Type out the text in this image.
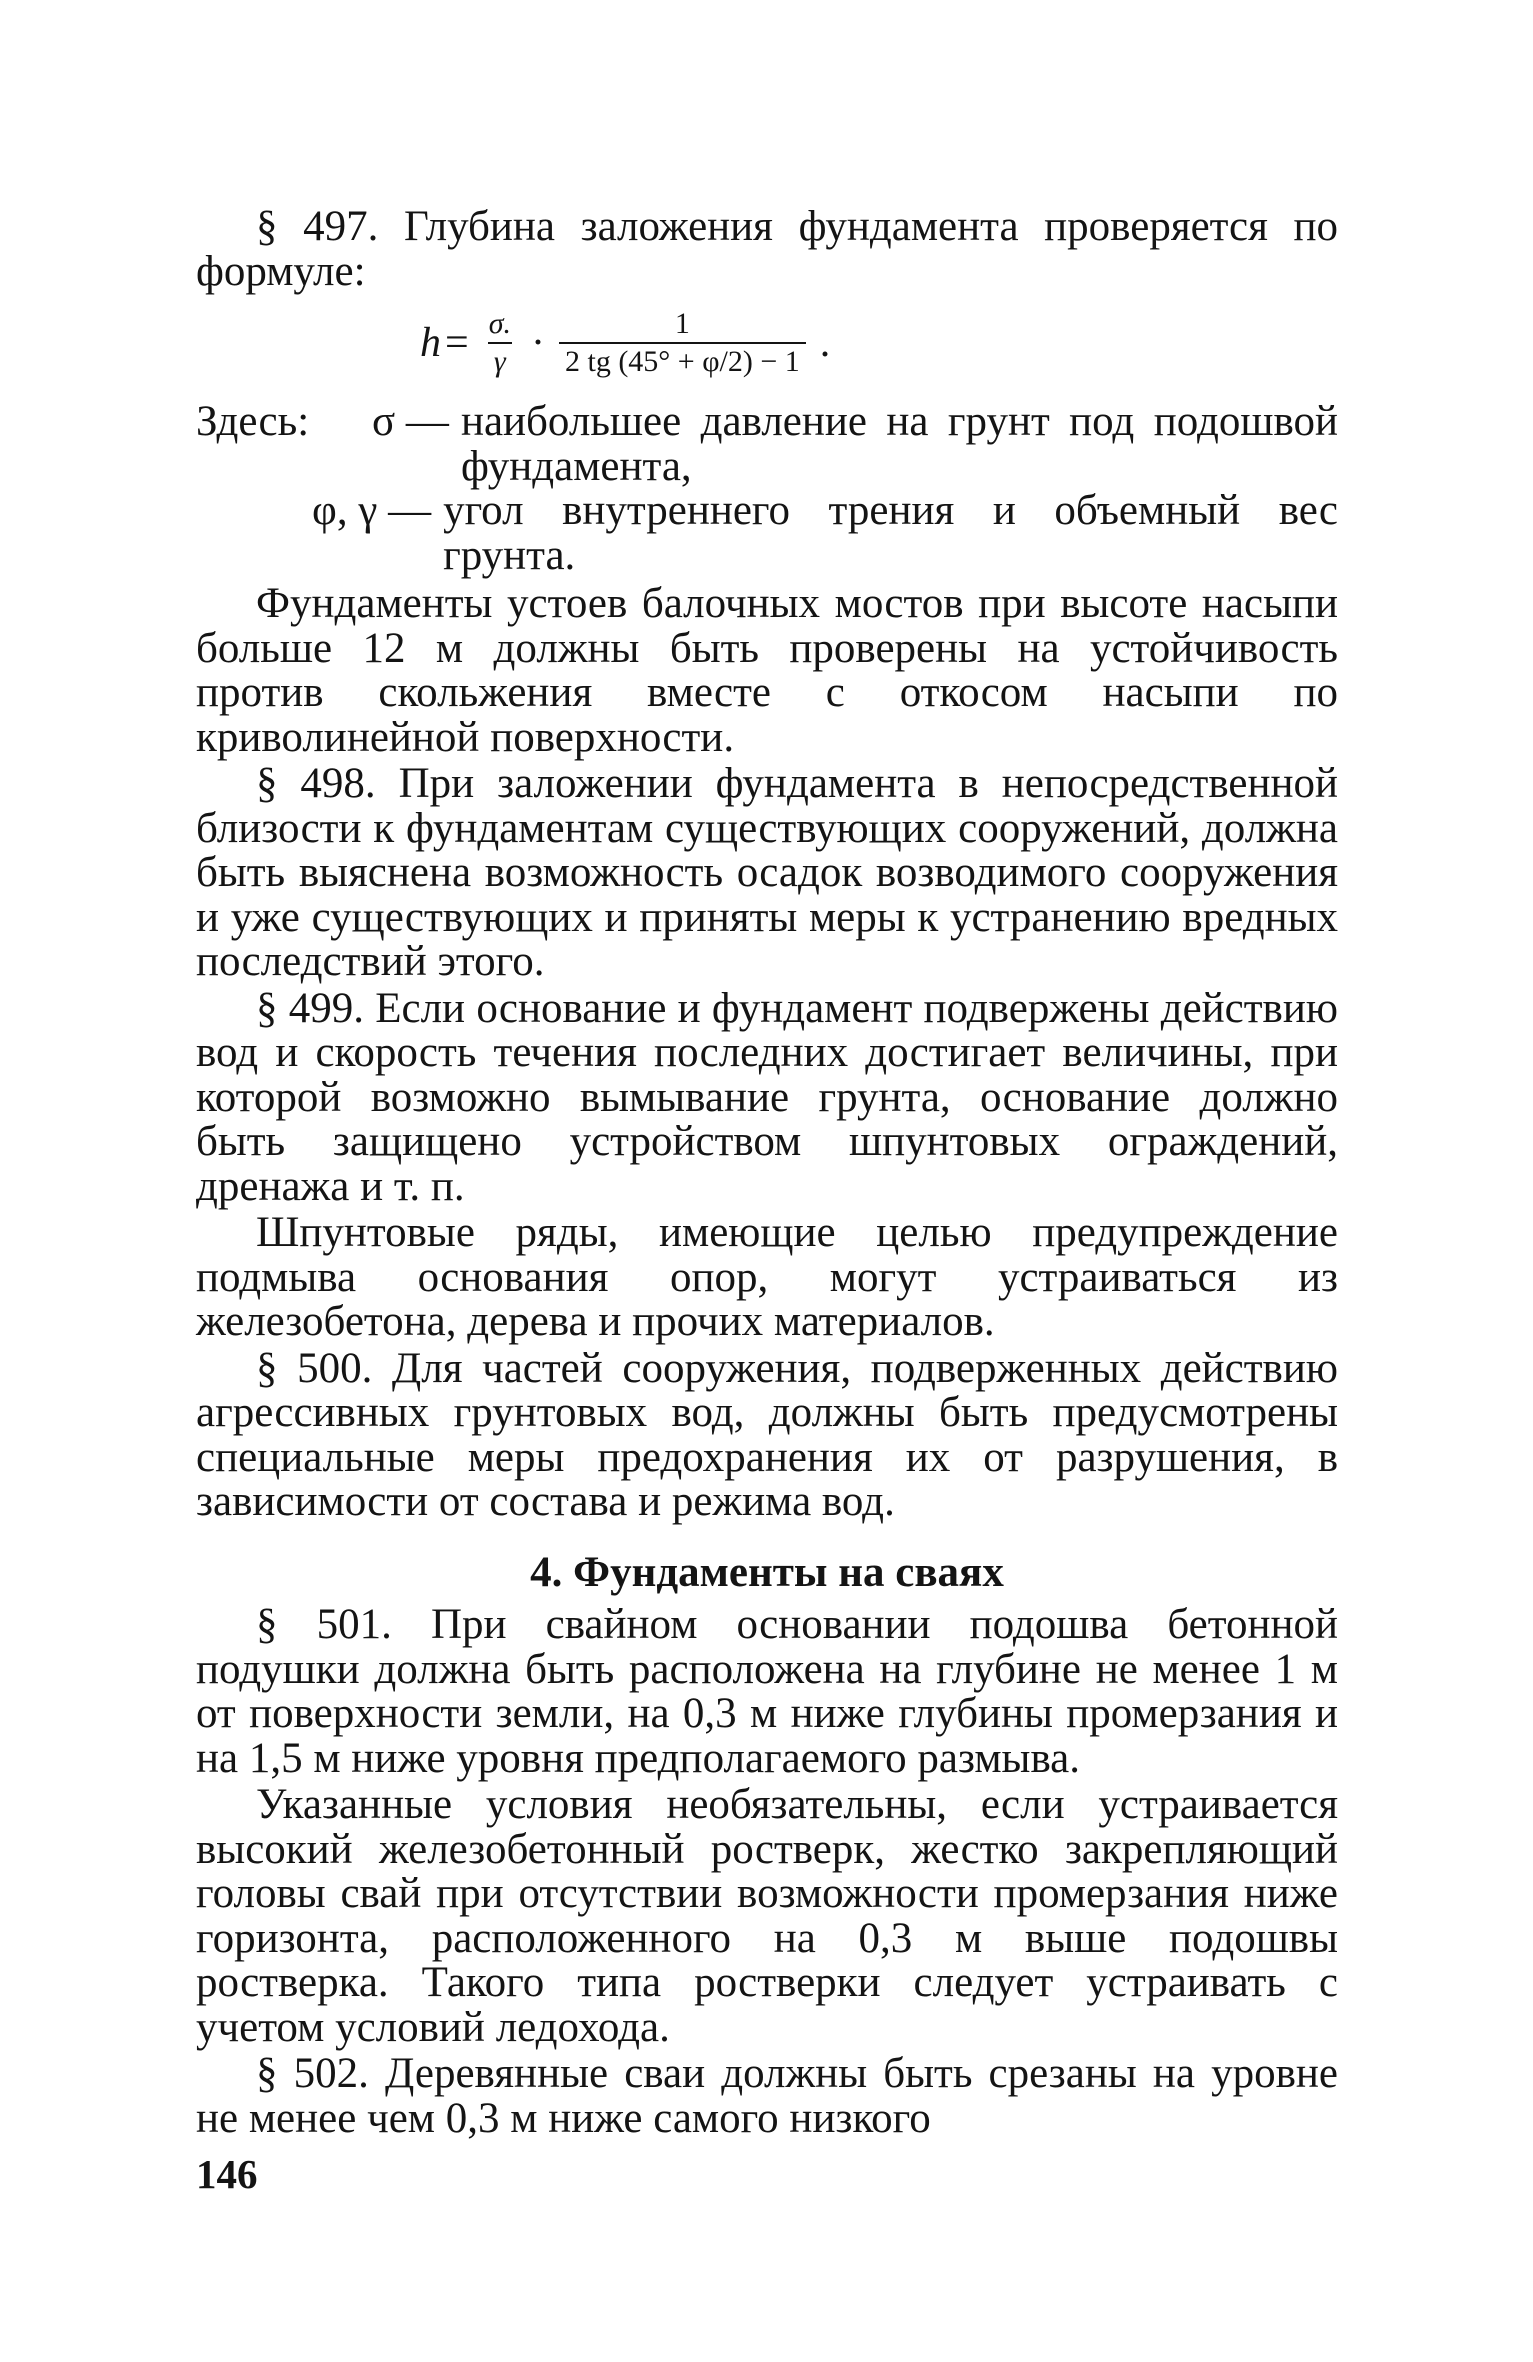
§ 497. Глубина заложения фундамента проверяется по формуле:

$h = \frac{\sigma.}{\gamma} \cdot \frac{1}{2 tg (45^\circ + \varphi/2) - 1}$ .
Здесь:	σ — наибольшее давление на грунт под подошвой фундамента,
φ, γ — угол внутреннего трения и объемный вес грунта.

Фундаменты устоев балочных мостов при высоте насыпи больше 12 м должны быть проверены на устойчивость против скольжения вместе с откосом насыпи по криволинейной поверхности.

§ 498. При заложении фундамента в непосредственной близости к фундаментам существующих сооружений, должна быть выяснена возможность осадок возводимого сооружения и уже существующих и приняты меры к устранению вредных последствий этого.

§ 499. Если основание и фундамент подвержены действию вод и скорость течения последних достигает величины, при которой возможно вымывание грунта, основание должно быть защищено устройством шпунтовых ограждений, дренажа и т. п.

Шпунтовые ряды, имеющие целью предупреждение подмыва основания опор, могут устраиваться из железобетона, дерева и прочих материалов.

§ 500. Для частей сооружения, подверженных действию агрессивных грунтовых вод, должны быть предусмотрены специальные меры предохранения их от разрушения, в зависимости от состава и режима вод.

4. Фундаменты на сваях

§ 501. При свайном основании подошва бетонной подушки должна быть расположена на глубине не менее 1 м от поверхности земли, на 0,3 м ниже глубины промерзания и на 1,5 м ниже уровня предполагаемого размыва.

Указанные условия необязательны, если устраивается высокий железобетонный ростверк, жестко закрепляющий головы свай при отсутствии возможности промерзания ниже горизонта, расположенного на 0,3 м выше подошвы ростверка. Такого типа ростверки следует устраивать с учетом условий ледохода.

§ 502. Деревянные сваи должны быть срезаны на уровне не менее чем 0,3 м ниже самого низкого

146
